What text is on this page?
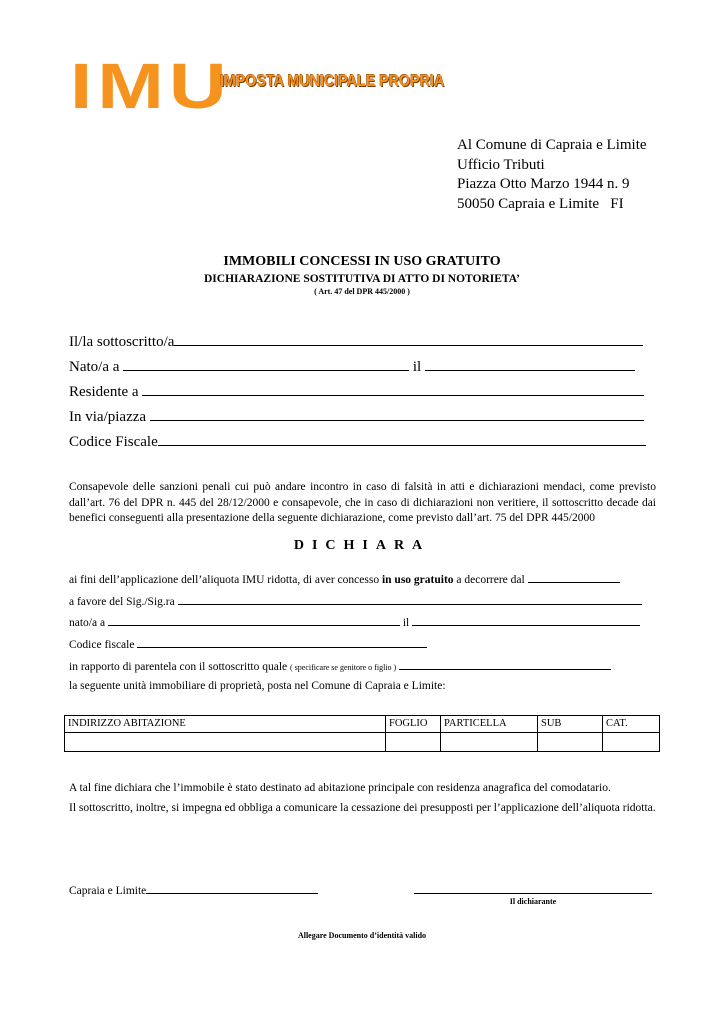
IMU
IMPOSTA MUNICIPALE PROPRIA
Al Comune di Capraia e Limite
Ufficio Tributi
Piazza Otto Marzo 1944 n. 9
50050 Capraia e Limite   FI
IMMOBILI CONCESSI IN USO GRATUITO
DICHIARAZIONE SOSTITUTIVA DI ATTO DI NOTORIETA’
( Art. 47 del DPR 445/2000 )
Il/la sottoscritto/a
Nato/a a	il
Residente a
In via/piazza
Codice Fiscale

Consapevole delle sanzioni penali cui può andare incontro in caso di falsità in atti e dichiarazioni mendaci, come previsto dall’art. 76 del DPR n. 445 del 28/12/2000 e consapevole, che in caso di dichiarazioni non veritiere, il sottoscritto decade dai benefici conseguenti alla presentazione della seguente dichiarazione, come previsto dall’art. 75 del DPR 445/2000

DICHIARA
ai fini dell’applicazione dell’aliquota IMU ridotta, di aver concesso in uso gratuito a decorrere dal
a favore del Sig./Sig.ra
nato/a a	il
Codice fiscale
in rapporto di parentela con il sottoscritto quale ( specificare se genitore o figlio )
la seguente unità immobiliare di proprietà, posta nel Comune di Capraia e Limite:
INDIRIZZO ABITAZIONE	FOGLIO	PARTICELLA	SUB	CAT.

A tal fine dichiara che l’immobile è stato destinato ad abitazione principale con residenza anagrafica del comodatario.

Il sottoscritto, inoltre, si impegna ed obbliga a comunicare la cessazione dei presupposti per l’applicazione dell’aliquota ridotta.

Capraia e Limite
Il dichiarante
Allegare Documento d’identità valido
